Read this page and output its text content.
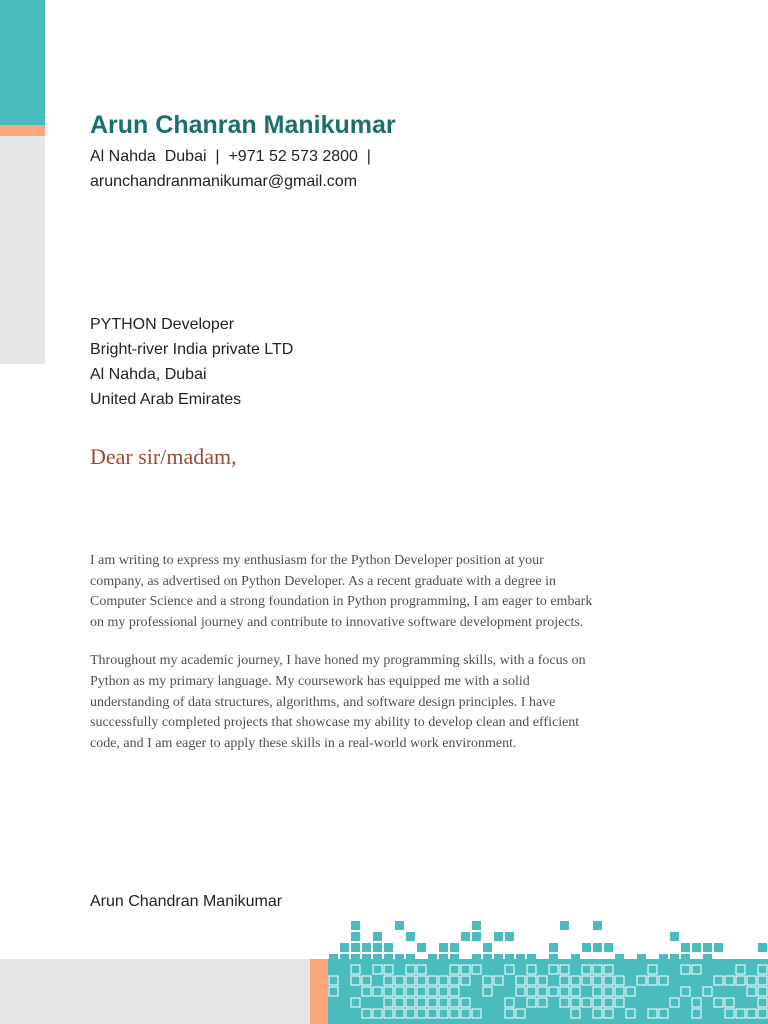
Arun Chanran Manikumar
Al Nahda  Dubai  |  +971 52 573 2800  |
arunchandranmanikumar@gmail.com
PYTHON Developer
Bright-river India private LTD
Al Nahda, Dubai
United Arab Emirates
Dear sir/madam,

I am writing to express my enthusiasm for the Python Developer position at your company, as advertised on Python Developer. As a recent graduate with a degree in Computer Science and a strong foundation in Python programming, I am eager to embark on my professional journey and contribute to innovative software development projects.

Throughout my academic journey, I have honed my programming skills, with a focus on Python as my primary language. My coursework has equipped me with a solid understanding of data structures, algorithms, and software design principles. I have successfully completed projects that showcase my ability to develop clean and efficient code, and I am eager to apply these skills in a real-world work environment.

Arun Chandran Manikumar
